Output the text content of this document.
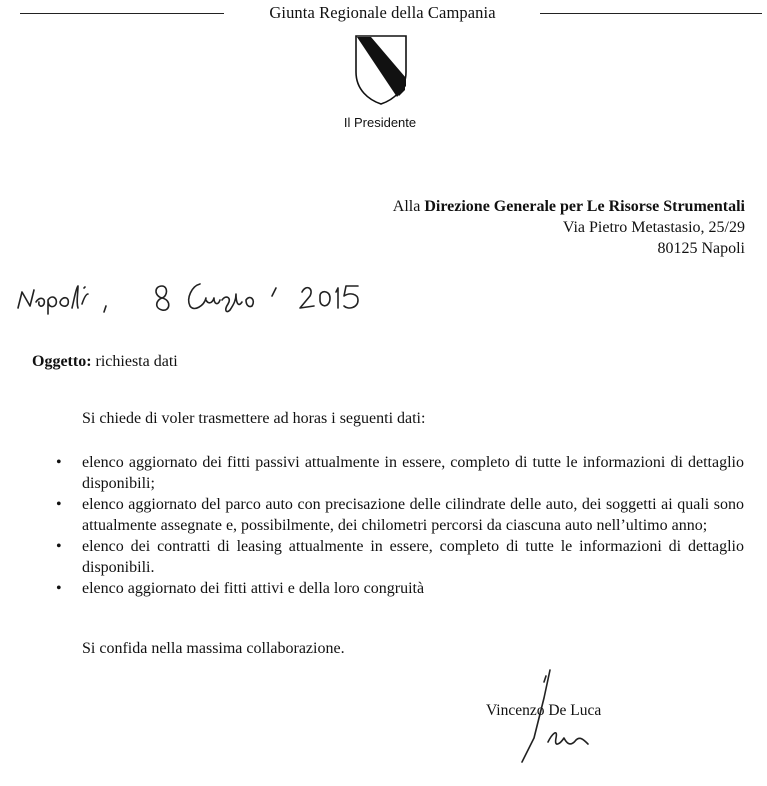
Giunta Regionale della Campania
Il Presidente
Alla Direzione Generale per Le Risorse Strumentali
Via Pietro Metastasio, 25/29
80125 Napoli
Oggetto: richiesta dati
Si chiede di voler trasmettere ad horas i seguenti dati:
• elenco aggiornato dei fitti passivi attualmente in essere, completo di tutte le informazioni di dettaglio disponibili;
• elenco aggiornato del parco auto con precisazione delle cilindrate delle auto, dei soggetti ai quali sono attualmente assegnate e, possibilmente, dei chilometri percorsi da ciascuna auto nell’ultimo anno;
• elenco dei contratti di leasing attualmente in essere, completo di tutte le informazioni di dettaglio disponibili.
• elenco aggiornato dei fitti attivi e della loro congruità
Si confida nella massima collaborazione.
Vincenzo De Luca
